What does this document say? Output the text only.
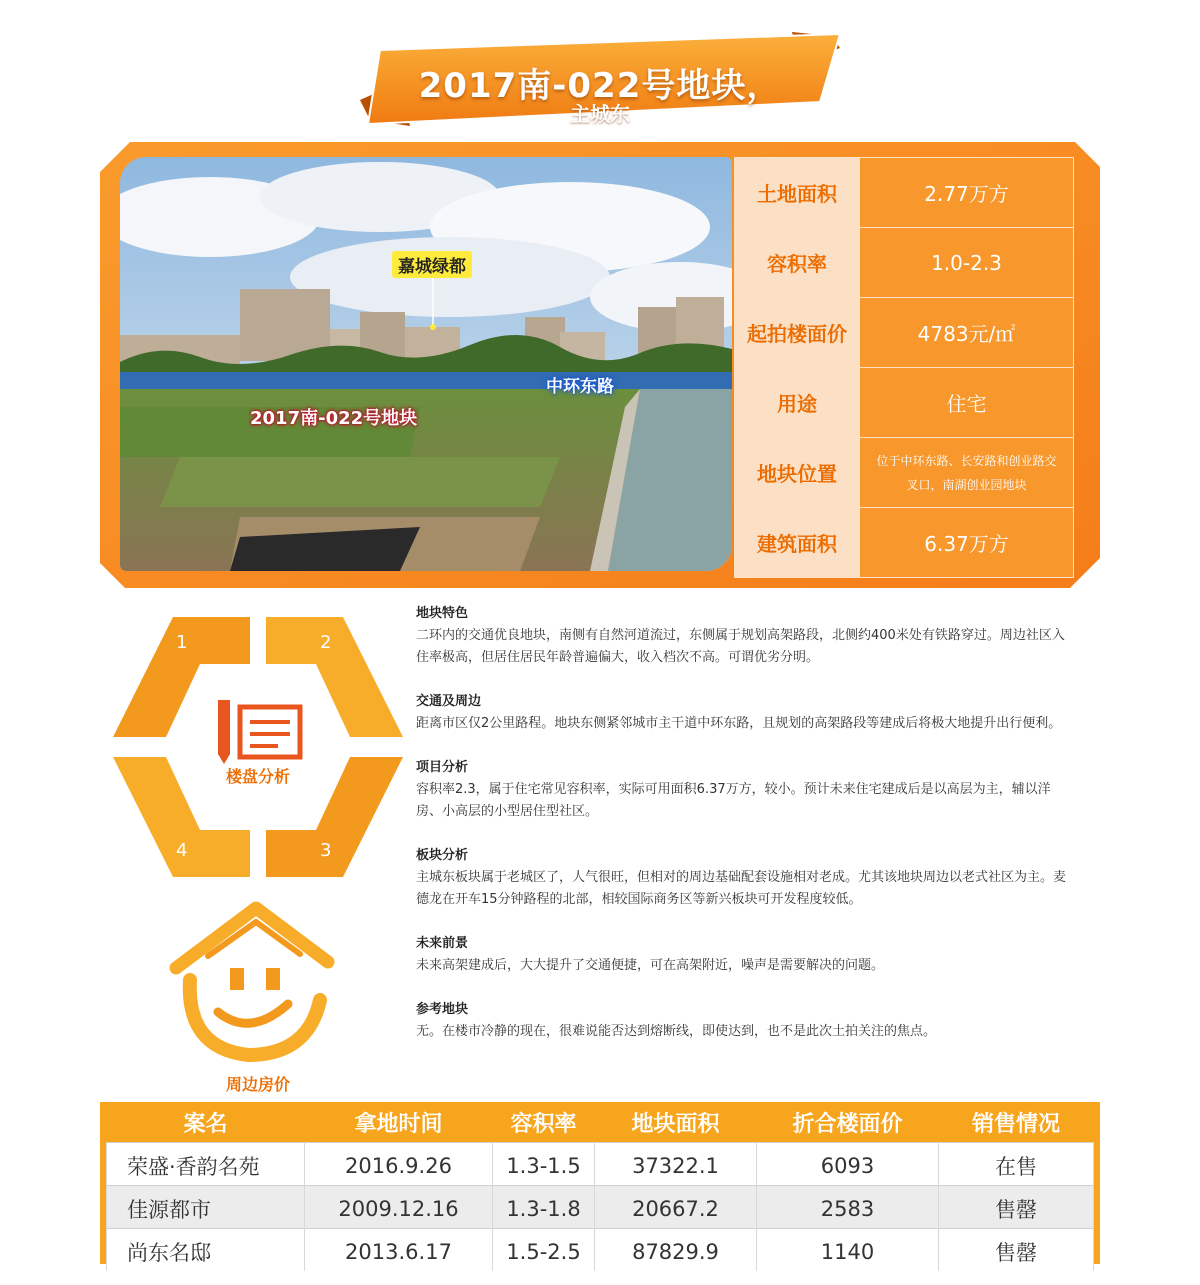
2017南-022号地块，
主城东
嘉城绿都
中环东路
2017南-022号地块
土地面积	2.77万方
容积率	1.0-2.3
起拍楼面价	4783元/㎡
用途	住宅
地块位置	位于中环东路、长安路和创业路交叉口，南湖创业园地块
建筑面积	6.37万方
1	2
3
4
楼盘分析
周边房价
地块特色
二环内的交通优良地块，南侧有自然河道流过，东侧属于规划高架路段，北侧约400米处有铁路穿过。周边社区入住率极高，但居住居民年龄普遍偏大，收入档次不高。可谓优劣分明。
交通及周边
距离市区仅2公里路程。地块东侧紧邻城市主干道中环东路，且规划的高架路段等建成后将极大地提升出行便利。
项目分析
容积率2.3，属于住宅常见容积率，实际可用面积6.37万方，较小。预计未来住宅建成后是以高层为主，辅以洋房、小高层的小型居住型社区。
板块分析
主城东板块属于老城区了，人气很旺，但相对的周边基础配套设施相对老成。尤其该地块周边以老式社区为主。麦德龙在开车15分钟路程的北部，相较国际商务区等新兴板块可开发程度较低。
未来前景
未来高架建成后，大大提升了交通便捷，可在高架附近，噪声是需要解决的问题。
参考地块
无。在楼市冷静的现在，很难说能否达到熔断线，即使达到，也不是此次土拍关注的焦点。
案名	拿地时间	容积率	地块面积	折合楼面价	销售情况
荣盛·香韵名苑	2016.9.26	1.3-1.5	37322.1	6093	在售
佳源都市	2009.12.16	1.3-1.8	20667.2	2583	售罄
尚东名邸	2013.6.17	1.5-2.5	87829.9	1140	售罄
